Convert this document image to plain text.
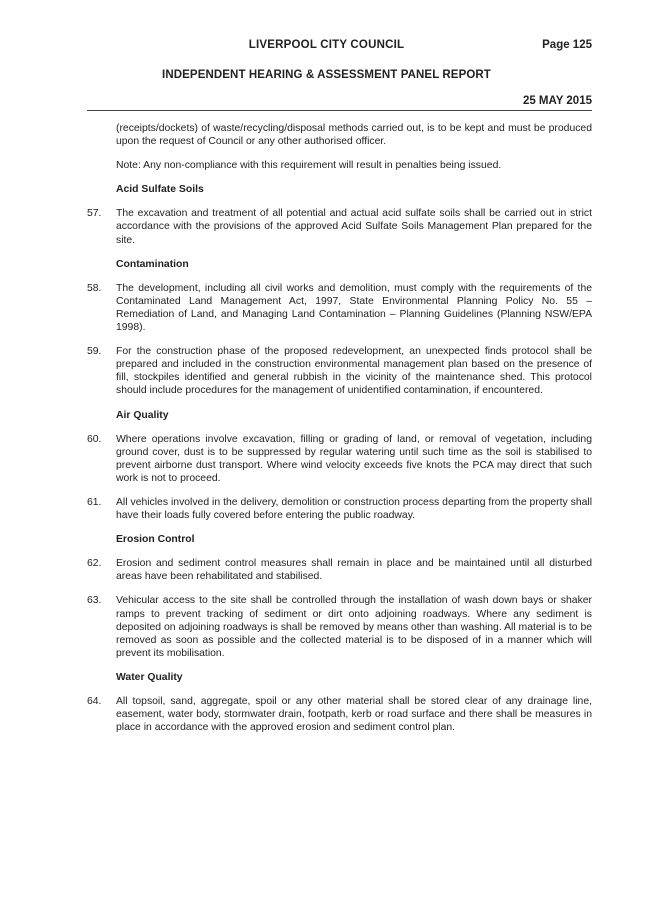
LIVERPOOL CITY COUNCIL	Page 125
INDEPENDENT HEARING & ASSESSMENT PANEL REPORT
25 MAY 2015
(receipts/dockets) of waste/recycling/disposal methods carried out, is to be kept and must be produced upon the request of Council or any other authorised officer.
Note: Any non-compliance with this requirement will result in penalties being issued.
Acid Sulfate Soils
57. The excavation and treatment of all potential and actual acid sulfate soils shall be carried out in strict accordance with the provisions of the approved Acid Sulfate Soils Management Plan prepared for the site.
Contamination
58. The development, including all civil works and demolition, must comply with the requirements of the Contaminated Land Management Act, 1997, State Environmental Planning Policy No. 55 – Remediation of Land, and Managing Land Contamination – Planning Guidelines (Planning NSW/EPA 1998).
59. For the construction phase of the proposed redevelopment, an unexpected finds protocol shall be prepared and included in the construction environmental management plan based on the presence of fill, stockpiles identified and general rubbish in the vicinity of the maintenance shed. This protocol should include procedures for the management of unidentified contamination, if encountered.
Air Quality
60. Where operations involve excavation, filling or grading of land, or removal of vegetation, including ground cover, dust is to be suppressed by regular watering until such time as the soil is stabilised to prevent airborne dust transport. Where wind velocity exceeds five knots the PCA may direct that such work is not to proceed.
61. All vehicles involved in the delivery, demolition or construction process departing from the property shall have their loads fully covered before entering the public roadway.
Erosion Control
62. Erosion and sediment control measures shall remain in place and be maintained until all disturbed areas have been rehabilitated and stabilised.
63. Vehicular access to the site shall be controlled through the installation of wash down bays or shaker ramps to prevent tracking of sediment or dirt onto adjoining roadways. Where any sediment is deposited on adjoining roadways is shall be removed by means other than washing. All material is to be removed as soon as possible and the collected material is to be disposed of in a manner which will prevent its mobilisation.
Water Quality
64. All topsoil, sand, aggregate, spoil or any other material shall be stored clear of any drainage line, easement, water body, stormwater drain, footpath, kerb or road surface and there shall be measures in place in accordance with the approved erosion and sediment control plan.
